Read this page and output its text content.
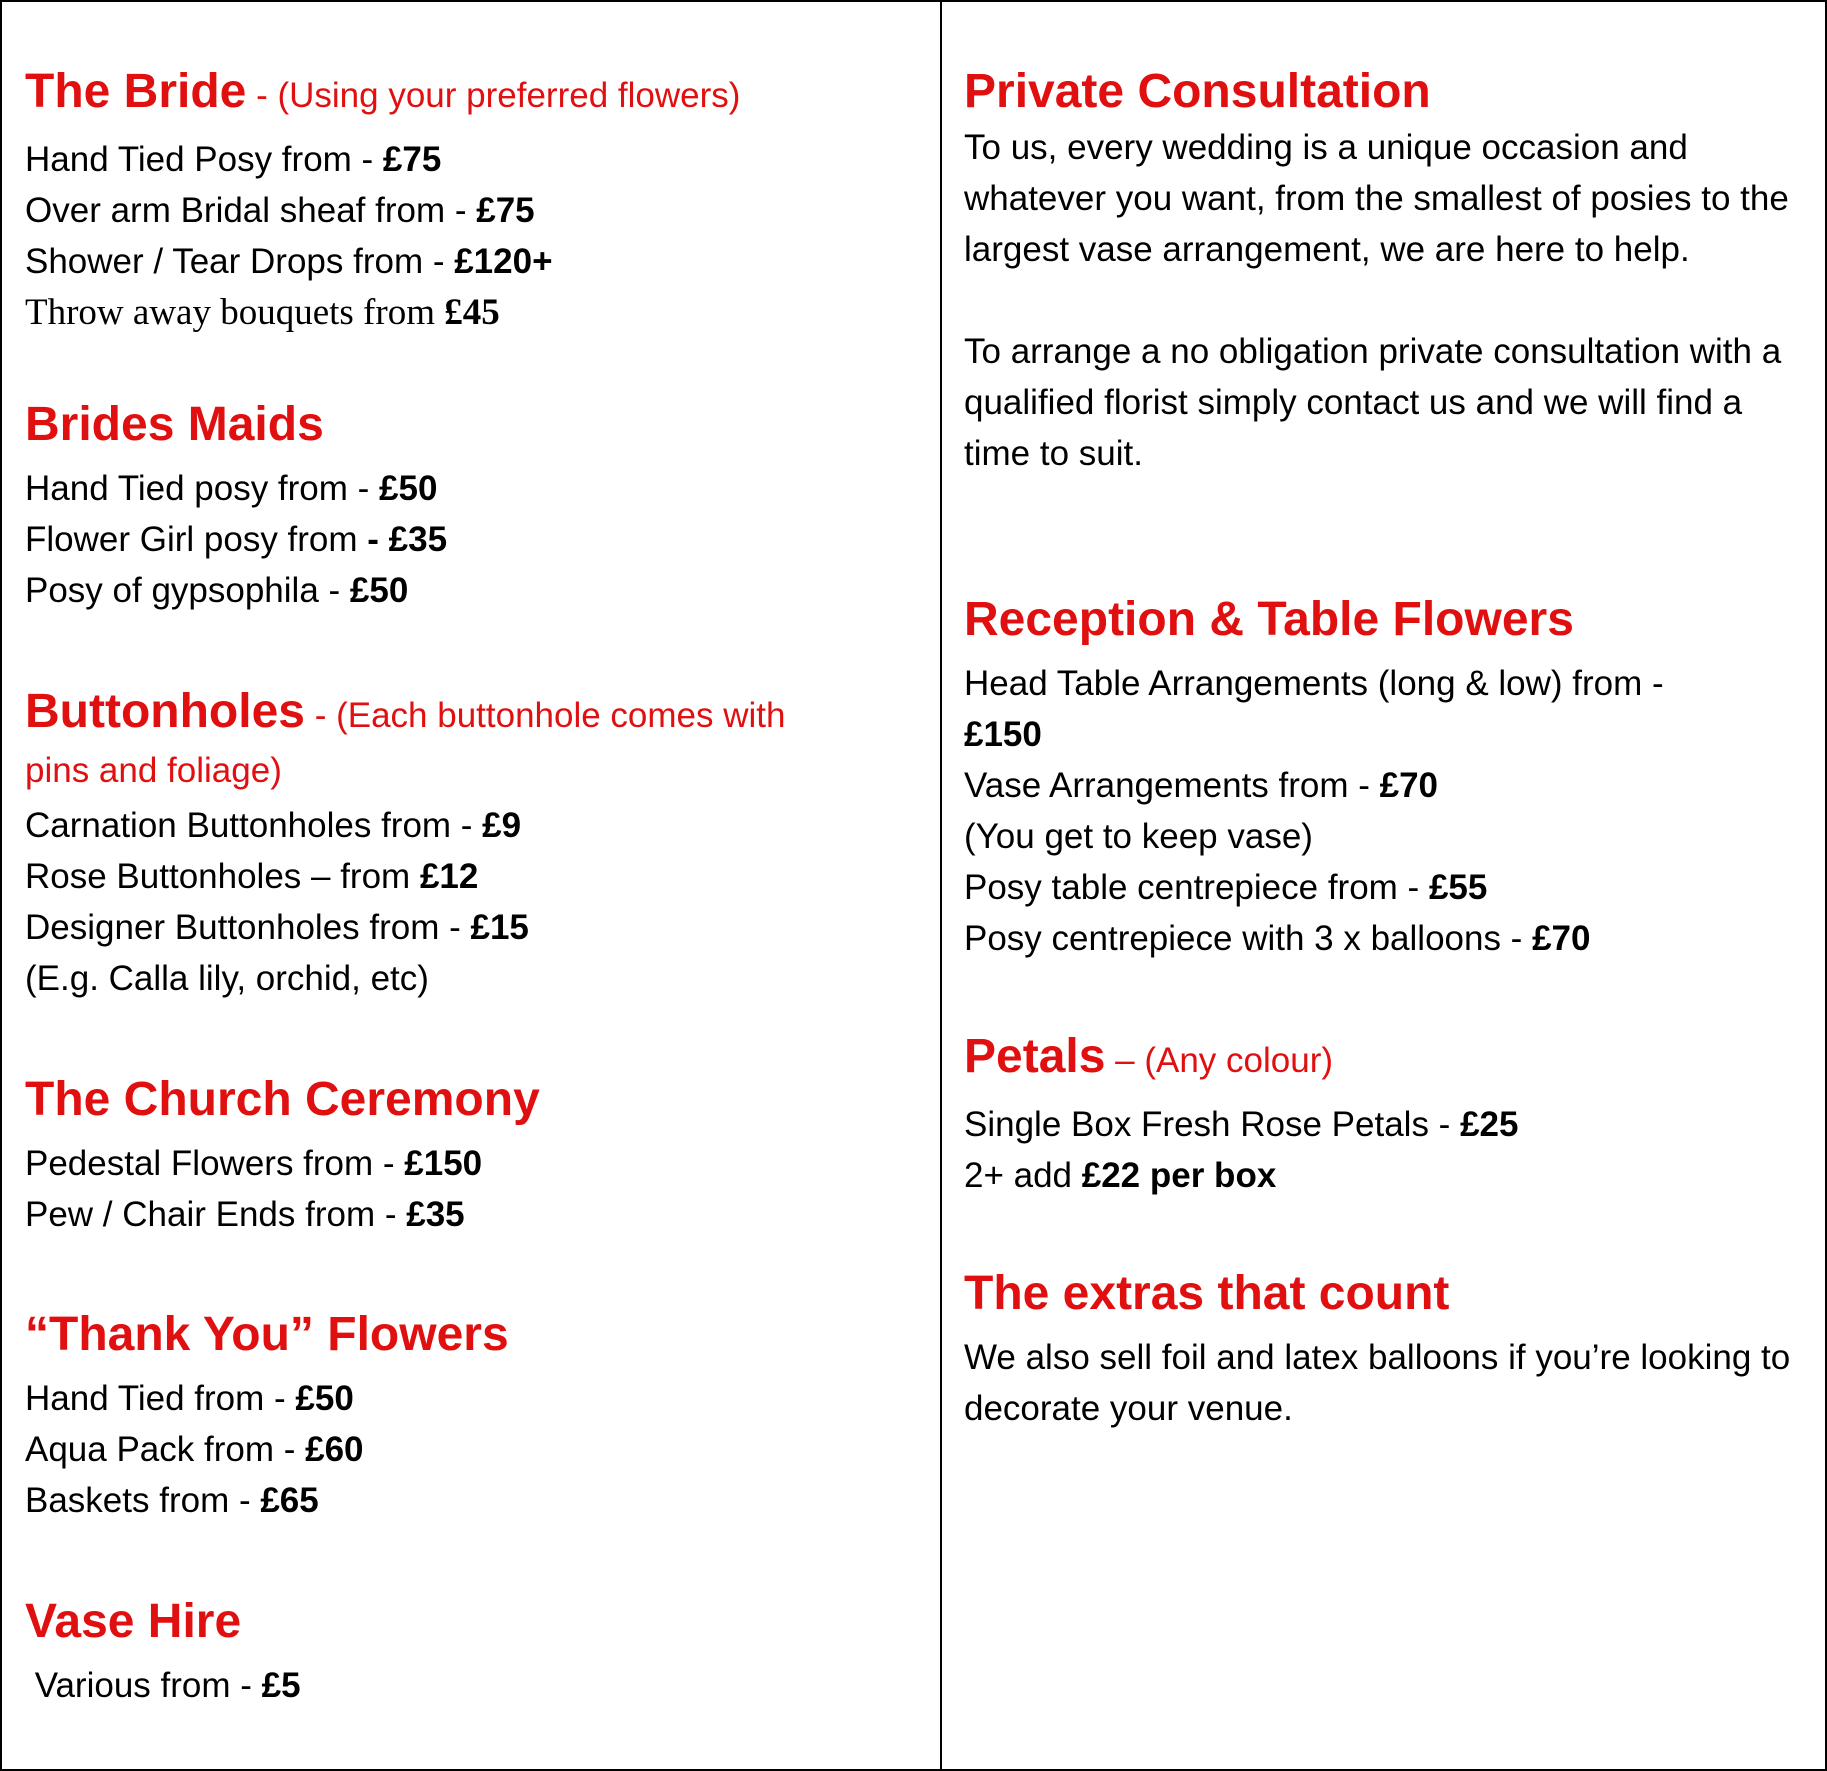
The Bride - (Using your preferred flowers)

Hand Tied Posy from - £75

Over arm Bridal sheaf from - £75

Shower / Tear Drops from - £120+

Throw away bouquets from £45

Brides Maids

Hand Tied posy from - £50

Flower Girl posy from - £35

Posy of gypsophila - £50

Buttonholes - (Each buttonhole comes with

pins and foliage)

Carnation Buttonholes from - £9

Rose Buttonholes – from £12

Designer Buttonholes from - £15

(E.g. Calla lily, orchid, etc)

The Church Ceremony

Pedestal Flowers from - £150

Pew / Chair Ends from - £35

“Thank You” Flowers

Hand Tied from - £50

Aqua Pack from - £60

Baskets from - £65

Vase Hire

Various from - £5

Private Consultation

To us, every wedding is a unique occasion and whatever you want, from the smallest of posies to the largest vase arrangement, we are here to help.

To arrange a no obligation private consultation with a qualified florist simply contact us and we will find a time to suit.

Reception & Table Flowers

Head Table Arrangements (long & low) from -

£150

Vase Arrangements from - £70

(You get to keep vase)

Posy table centrepiece from - £55

Posy centrepiece with 3 x balloons - £70

Petals – (Any colour)

Single Box Fresh Rose Petals - £25

2+ add £22 per box

The extras that count

We also sell foil and latex balloons if you’re looking to decorate your venue.
